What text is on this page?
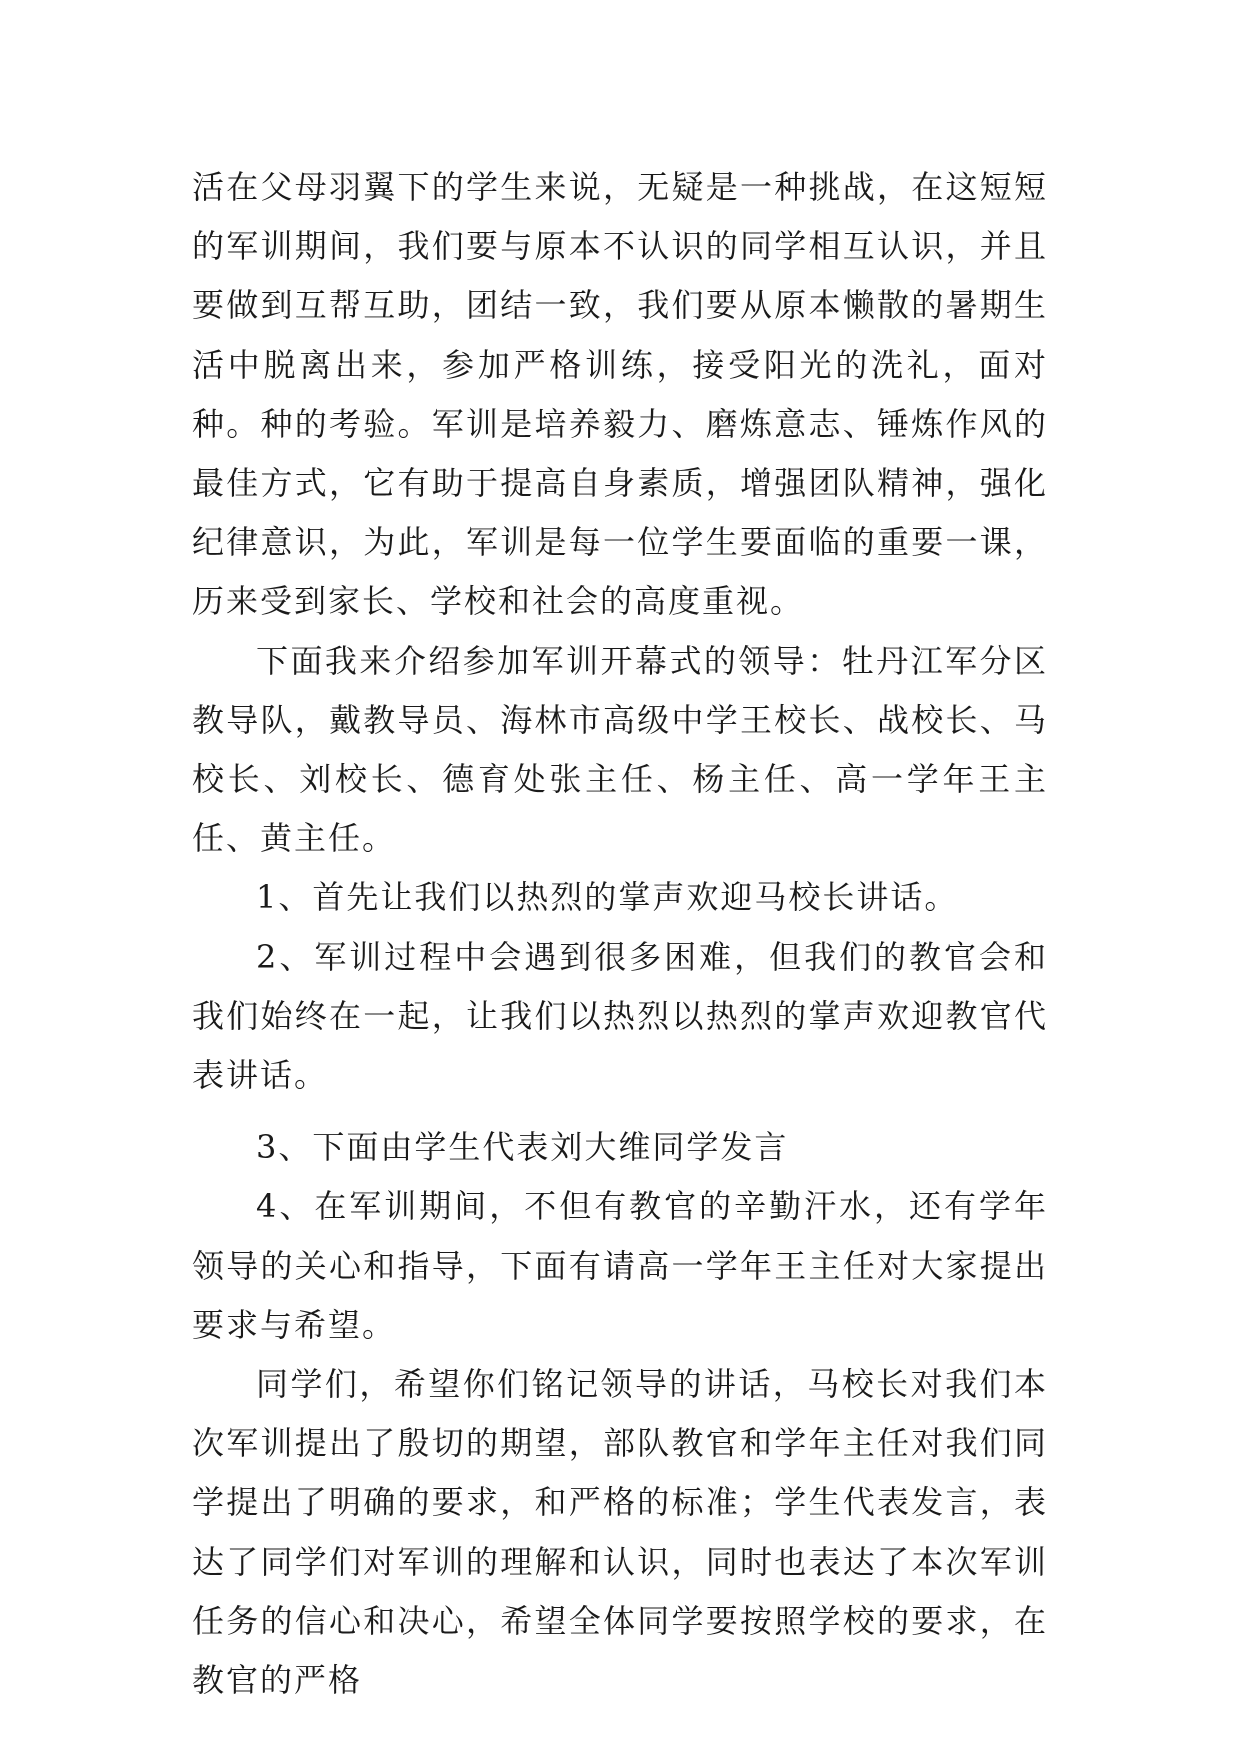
活在父母羽翼下的学生来说，无疑是一种挑战，在这短短的军训期间，我们要与原本不认识的同学相互认识，并且要做到互帮互助，团结一致，我们要从原本懒散的暑期生活中脱离出来，参加严格训练，接受阳光的洗礼，面对种。种的考验。军训是培养毅力、磨炼意志、锤炼作风的最佳方式，它有助于提高自身素质，增强团队精神，强化纪律意识，为此，军训是每一位学生要面临的重要一课，历来受到家长、学校和社会的高度重视。

下面我来介绍参加军训开幕式的领导：牡丹江军分区教导队，戴教导员、海林市高级中学王校长、战校长、马校长、刘校长、德育处张主任、杨主任、高一学年王主任、黄主任。

1、首先让我们以热烈的掌声欢迎马校长讲话。

2、军训过程中会遇到很多困难，但我们的教官会和我们始终在一起，让我们以热烈以热烈的掌声欢迎教官代表讲话。

3、下面由学生代表刘大维同学发言

4、在军训期间，不但有教官的辛勤汗水，还有学年领导的关心和指导，下面有请高一学年王主任对大家提出要求与希望。

同学们，希望你们铭记领导的讲话，马校长对我们本次军训提出了殷切的期望，部队教官和学年主任对我们同学提出了明确的要求，和严格的标准；学生代表发言，表达了同学们对军训的理解和认识，同时也表达了本次军训任务的信心和决心，希望全体同学要按照学校的要求，在教官的严格
